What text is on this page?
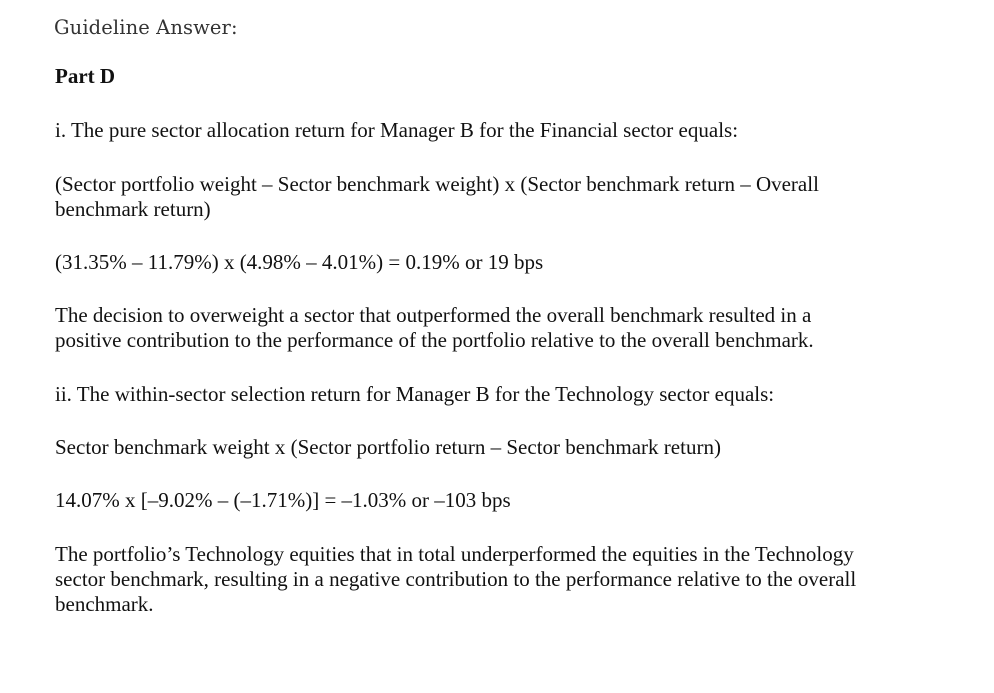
Guideline Answer:
Part D

i. The pure sector allocation return for Manager B for the Financial sector equals:

(Sector portfolio weight – Sector benchmark weight) x (Sector benchmark return – Overall
benchmark return)

(31.35% – 11.79%) x (4.98% – 4.01%) = 0.19% or 19 bps

The decision to overweight a sector that outperformed the overall benchmark resulted in a
positive contribution to the performance of the portfolio relative to the overall benchmark.

ii. The within-sector selection return for Manager B for the Technology sector equals:

Sector benchmark weight x (Sector portfolio return – Sector benchmark return)

14.07% x [–9.02% – (–1.71%)] = –1.03% or –103 bps

The portfolio’s Technology equities that in total underperformed the equities in the Technology
sector benchmark, resulting in a negative contribution to the performance relative to the overall
benchmark.
